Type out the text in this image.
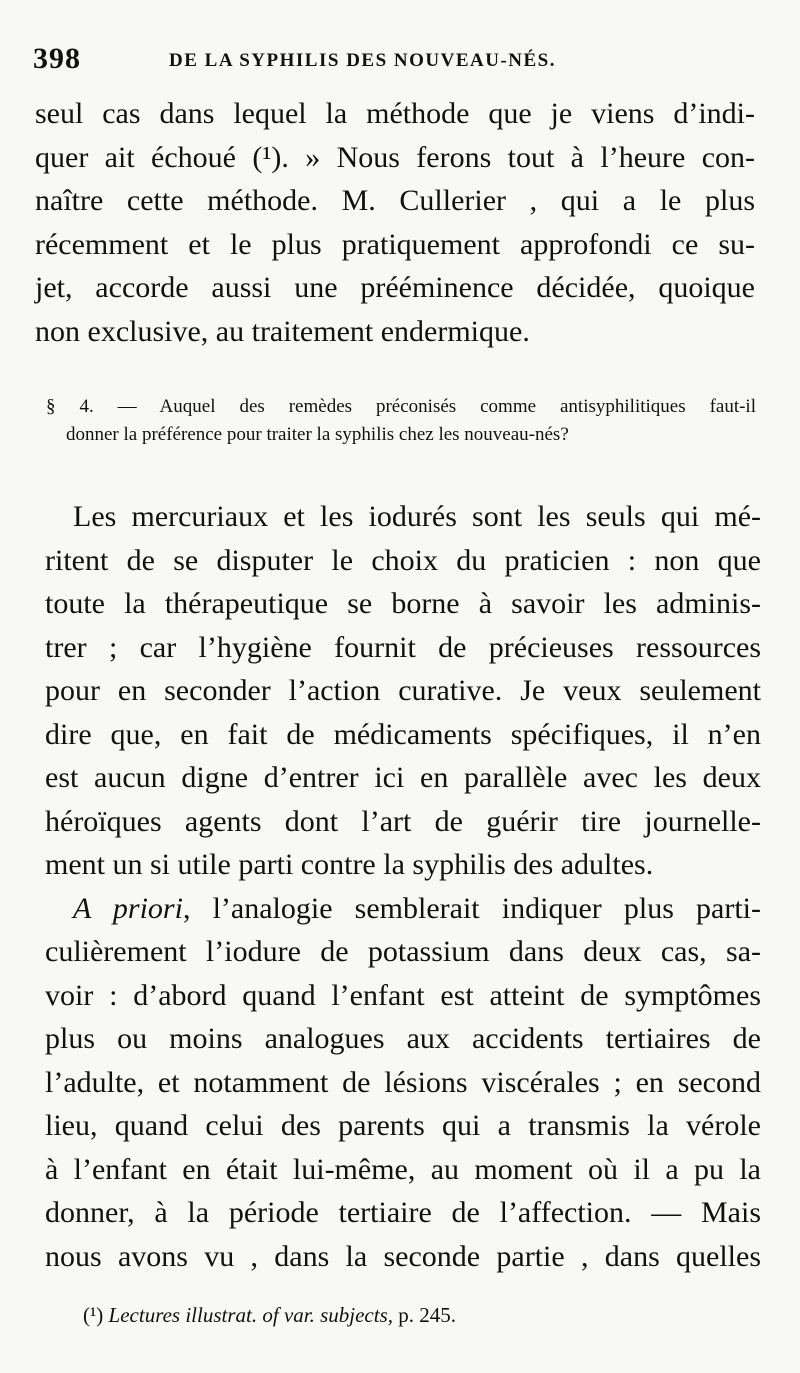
398	DE LA SYPHILIS DES NOUVEAU-NÉS.
seul cas dans lequel la méthode que je viens d’indi-
quer ait échoué (¹). » Nous ferons tout à l’heure con-
naître cette méthode. M. Cullerier , qui a le plus
récemment et le plus pratiquement approfondi ce su-
jet, accorde aussi une prééminence décidée, quoique
non exclusive, au traitement endermique.
§ 4. — Auquel des remèdes préconisés comme antisyphilitiques faut-il
donner la préférence pour traiter la syphilis chez les nouveau-nés?
Les mercuriaux et les iodurés sont les seuls qui mé-
ritent de se disputer le choix du praticien : non que
toute la thérapeutique se borne à savoir les adminis-
trer ; car l’hygiène fournit de précieuses ressources
pour en seconder l’action curative. Je veux seulement
dire que, en fait de médicaments spécifiques, il n’en
est aucun digne d’entrer ici en parallèle avec les deux
héroïques agents dont l’art de guérir tire journelle-
ment un si utile parti contre la syphilis des adultes.
A priori, l’analogie semblerait indiquer plus parti-
culièrement l’iodure de potassium dans deux cas, sa-
voir : d’abord quand l’enfant est atteint de symptômes
plus ou moins analogues aux accidents tertiaires de
l’adulte, et notamment de lésions viscérales ; en second
lieu, quand celui des parents qui a transmis la vérole
à l’enfant en était lui-même, au moment où il a pu la
donner, à la période tertiaire de l’affection. — Mais
nous avons vu , dans la seconde partie , dans quelles
(¹) Lectures illustrat. of var. subjects, p. 245.
